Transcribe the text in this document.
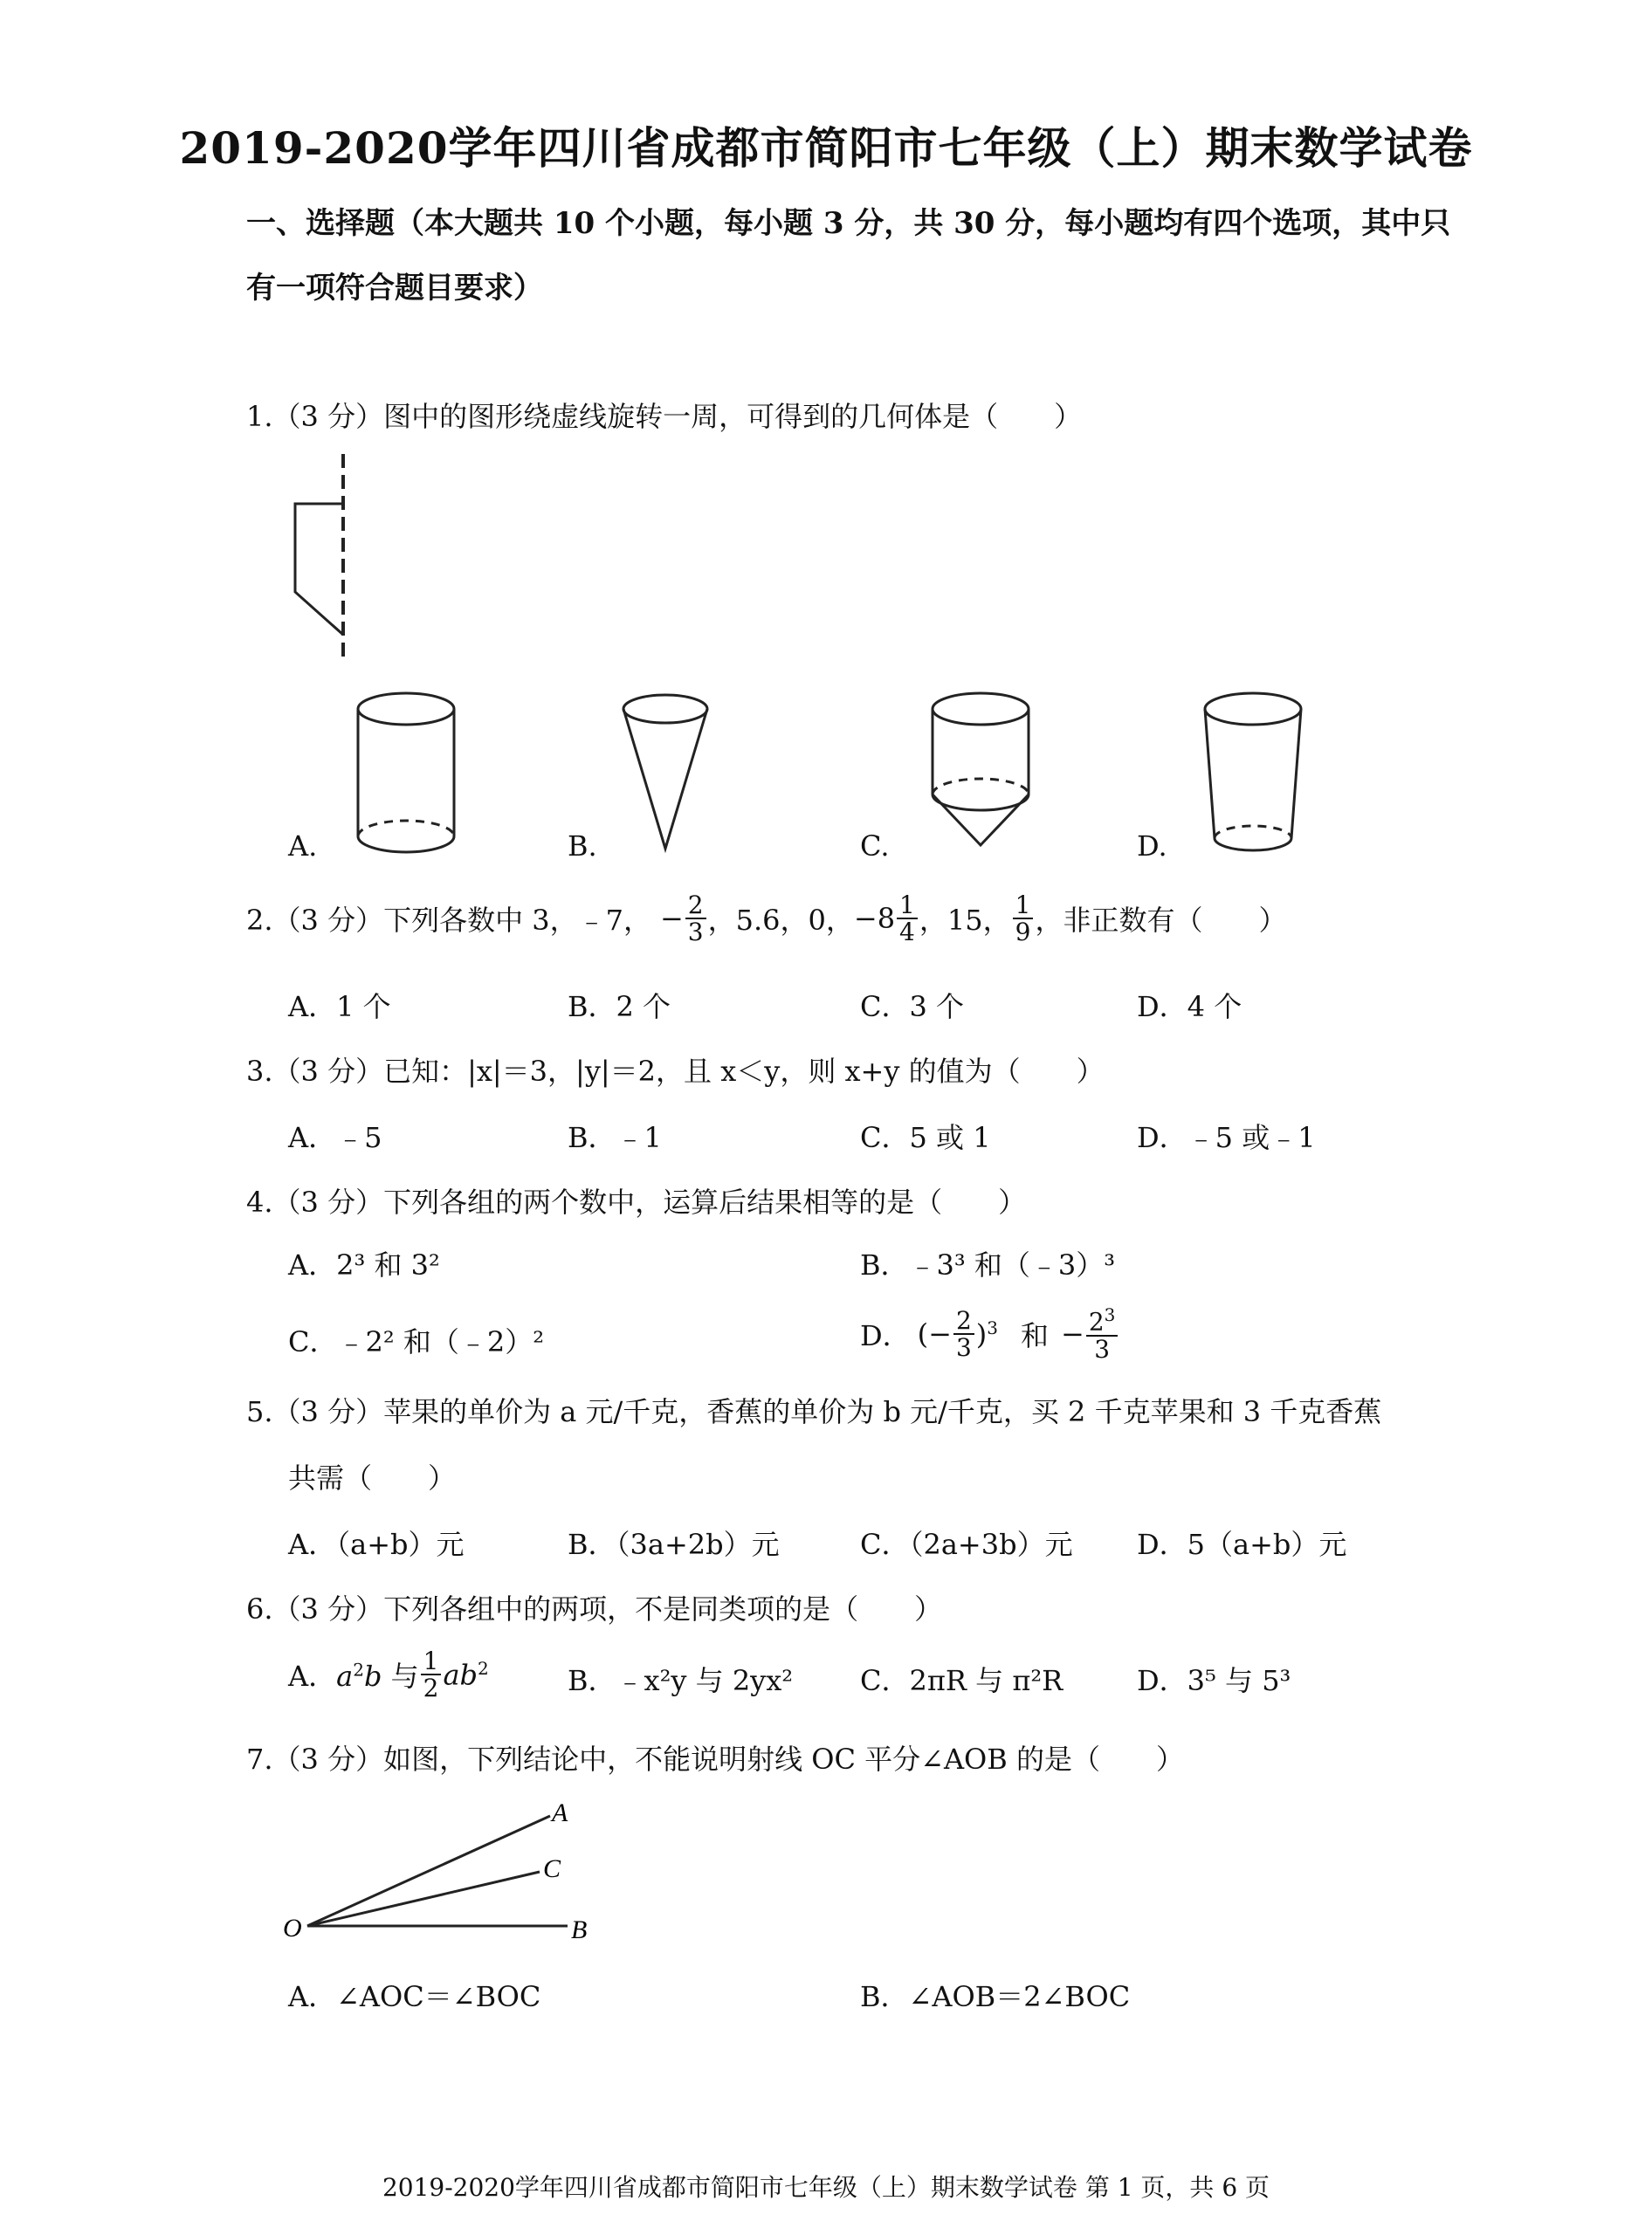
2019-2020学年四川省成都市简阳市七年级（上）期末数学试卷
一、选择题（本大题共 10 个小题，每小题 3 分，共 30 分，每小题均有四个选项，其中只
有一项符合题目要求）
1.（3 分）图中的图形绕虚线旋转一周，可得到的几何体是（　　）
A.	B.	C.	D.
2.（3 分）下列各数中 3，﹣7， − $\frac{2}{3}$ ，5.6，0， $-8 \frac{1}{4}$ ，15， $\frac{1}{9}$ ，非正数有（　　）
A．1 个	B．2 个	C．3 个	D．4 个
3.（3 分）已知：|x|＝3，|y|＝2，且 x＜y，则 x+y 的值为（　　）
A．﹣5	B．﹣1	C．5 或 1	D．﹣5 或﹣1
4.（3 分）下列各组的两个数中，运算后结果相等的是（　　）
A．2³ 和 3²	B．﹣3³ 和（﹣3）³
C．﹣2² 和（﹣2）²	D． (− $\frac{2}{3} )^3$ 和 − $\frac{2^3}{3}$
5.（3 分）苹果的单价为 a 元/千克，香蕉的单价为 b 元/千克，买 2 千克苹果和 3 千克香蕉
共需（　　）
A．（a+b）元	B．（3a+2b）元	C．（2a+3b）元 D．5（a+b）元
6.（3 分）下列各组中的两项，不是同类项的是（　　）
A． $a^2b$ 与 $\frac{1}{2} ab^2$	B．﹣x²y 与 2yx² C．2πR 与 π²R	D．3⁵ 与 5³
7.（3 分）如图，下列结论中，不能说明射线 OC 平分∠AOB 的是（　　）
A
C
O	B
A．∠AOC＝∠BOC	B．∠AOB＝2∠BOC
2019-2020学年四川省成都市简阳市七年级（上）期末数学试卷 第 1 页，共 6 页
